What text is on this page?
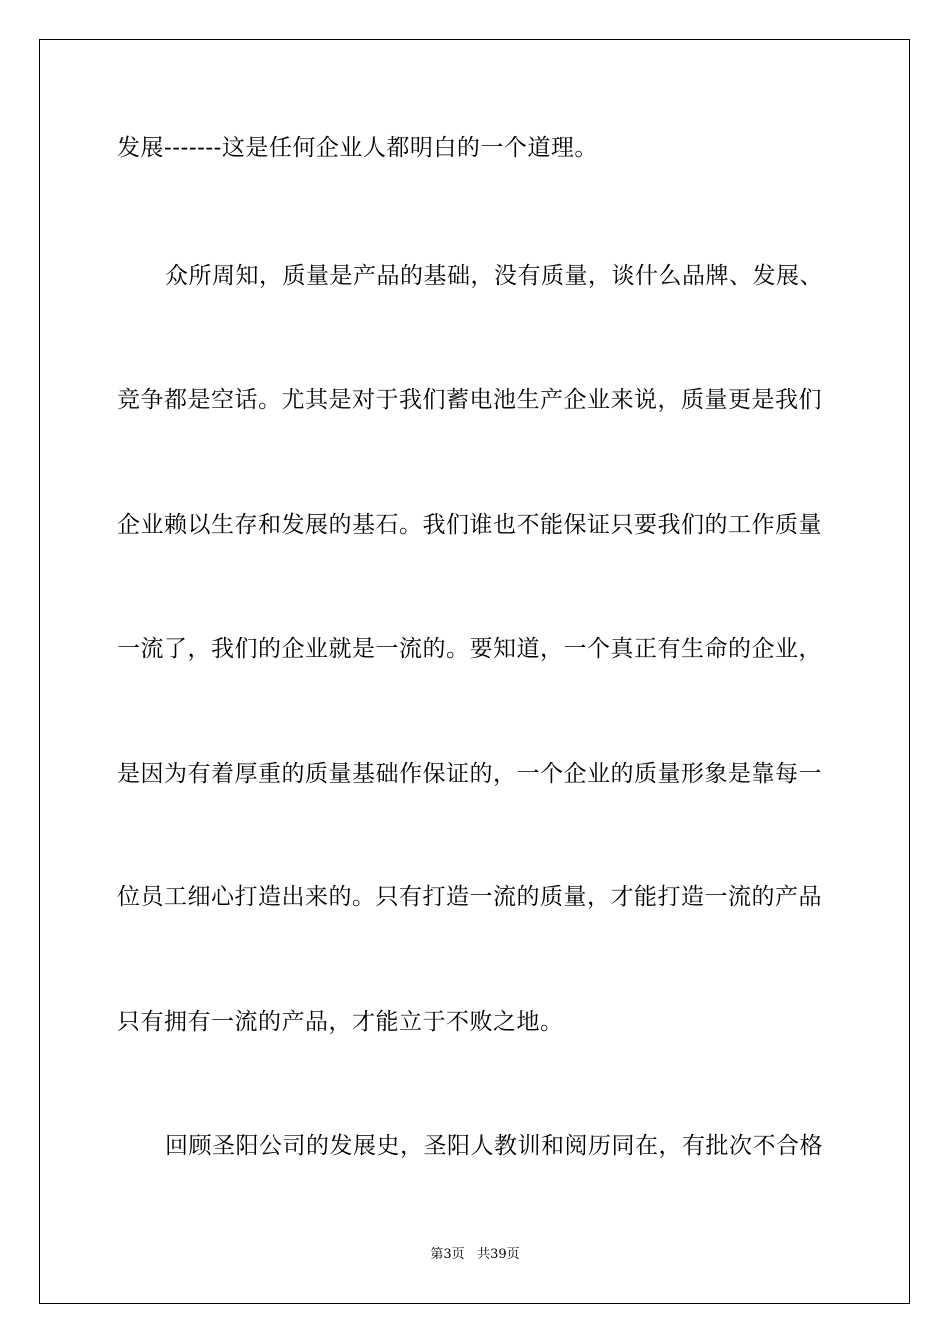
发展-------这是任何企业人都明白的一个道理。
众所周知，质量是产品的基础，没有质量，谈什么品牌、发展、
竞争都是空话。尤其是对于我们蓄电池生产企业来说，质量更是我们
企业赖以生存和发展的基石。我们谁也不能保证只要我们的工作质量
一流了，我们的企业就是一流的。要知道，一个真正有生命的企业，
是因为有着厚重的质量基础作保证的，一个企业的质量形象是靠每一
位员工细心打造出来的。只有打造一流的质量，才能打造一流的产品
只有拥有一流的产品，才能立于不败之地。
回顾圣阳公司的发展史，圣阳人教训和阅历同在，有批次不合格
第3页 共39页
